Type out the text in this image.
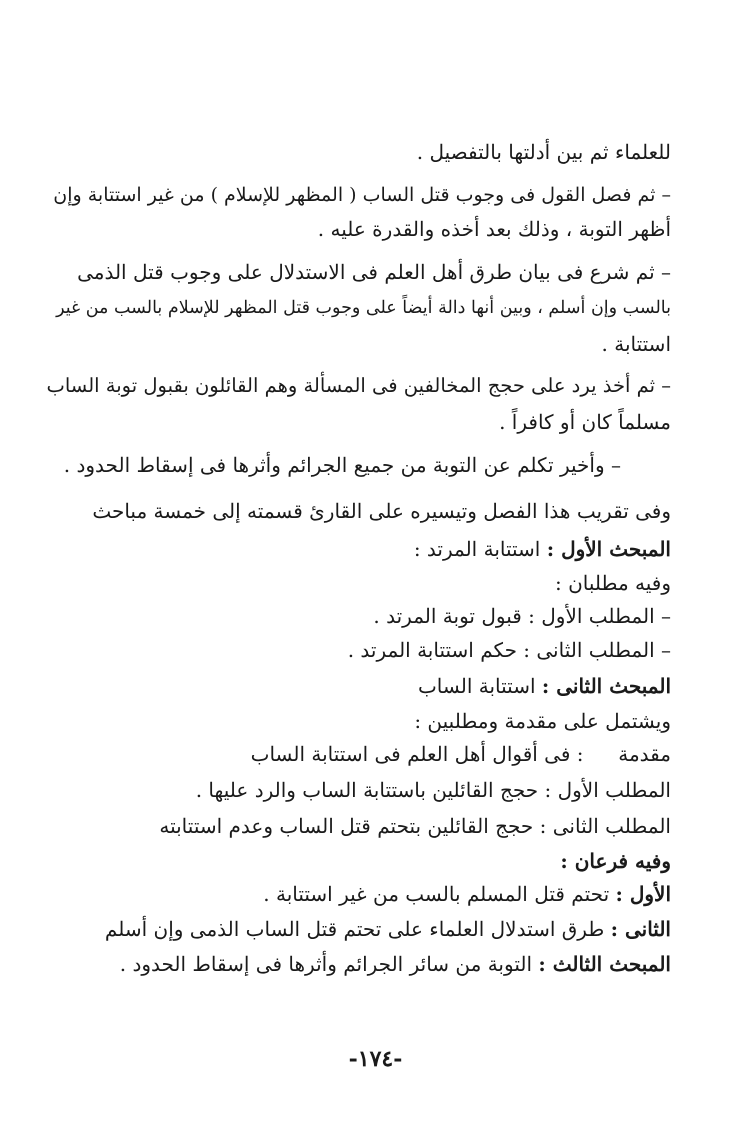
للعلماء ثم بين أدلتها بالتفصيل .
– ثم فصل القول فى وجوب قتل الساب ( المظهر للإسلام ) من غير استتابة وإن
أظهر التوبة ، وذلك بعد أخذه والقدرة عليه .
– ثم شرع فى بيان طرق أهل العلم فى الاستدلال على وجوب قتل الذمى
بالسب وإن أسلم ، وبين أنها دالة أيضاً على وجوب قتل المظهر للإسلام بالسب من غير
استتابة .
– ثم أخذ يرد على حجج المخالفين فى المسألة وهم القائلون بقبول توبة الساب
مسلماً كان أو كافراً .
– وأخير تكلم عن التوبة من جميع الجرائم وأثرها فى إسقاط الحدود .
وفى تقريب هذا الفصل وتيسيره على القارئ قسمته إلى خمسة مباحث
المبحث الأول : استتابة المرتد :
وفيه مطلبان :
– المطلب الأول : قبول توبة المرتد .
– المطلب الثانى : حكم استتابة المرتد .
المبحث الثانى : استتابة الساب
ويشتمل على مقدمة ومطلبين :
مقدمة  : فى أقوال أهل العلم فى استتابة الساب
المطلب الأول : حجج القائلين باستتابة الساب والرد عليها .
المطلب الثانى : حجج القائلين بتحتم قتل الساب وعدم استتابته
وفيه فرعان :
الأول : تحتم قتل المسلم بالسب من غير استتابة .
الثانى : طرق استدلال العلماء على تحتم قتل الساب الذمى وإن أسلم
المبحث الثالث : التوبة من سائر الجرائم وأثرها فى إسقاط الحدود .
-١٧٤-
